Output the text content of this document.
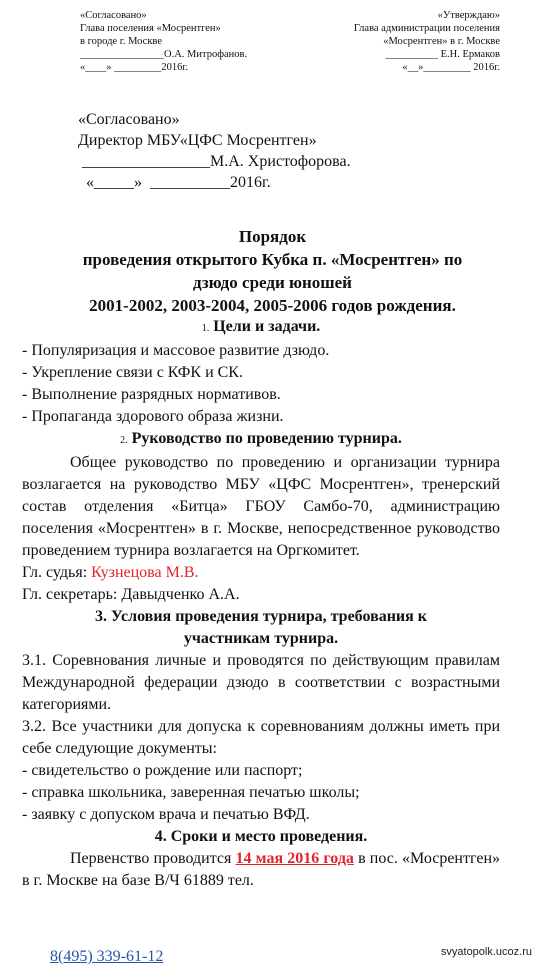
«Согласовано»
Глава поселения «Мосрентген»
в городе г. Москве
________________О.А. Митрофанов.
«____» _________2016г.
«Утверждаю»
Глава администрации поселения
«Мосрентген» в г. Москве
__________ Е.Н. Ермаков
«__»_________ 2016г.
«Согласовано»
Директор МБУ«ЦФС Мосрентген»
________________М.А. Христофорова.
«_____»  __________2016г.
Порядок
проведения открытого Кубка п. «Мосрентген» по
дзюдо среди юношей
2001-2002, 2003-2004, 2005-2006 годов рождения.
1. Цели и задачи.

- Популяризация и массовое развитие дзюдо.

- Укрепление связи с КФК и СК.

- Выполнение разрядных нормативов.

- Пропаганда здорового образа жизни.

2. Руководство по проведению турнира.

Общее руководство по проведению и организации турнира возлагается на руководство МБУ «ЦФС Мосрентген», тренерский состав отделения «Битца» ГБОУ Самбо-70, администрацию поселения «Мосрентген» в г. Москве, непосредственное руководство проведением турнира возлагается на Оргкомитет.

Гл. судья: Кузнецова М.В.

Гл. секретарь: Давыдченко А.А.

3. Условия проведения турнира, требования к
участникам турнира.

3.1. Соревнования личные и проводятся по действующим правилам Международной федерации дзюдо в соответствии с возрастными категориями.

3.2. Все участники для допуска к соревнованиям должны иметь при себе следующие документы:

- свидетельство о рождение или паспорт;

- справка школьника, заверенная печатью школы;

- заявку с допуском врача и печатью ВФД.

4. Сроки и место проведения.

Первенство проводится 14 мая 2016 года в пос. «Мосрентген» в г. Москве на базе В/Ч 61889 тел.

8(495) 339-61-12	svyatopolk.ucoz.ru
